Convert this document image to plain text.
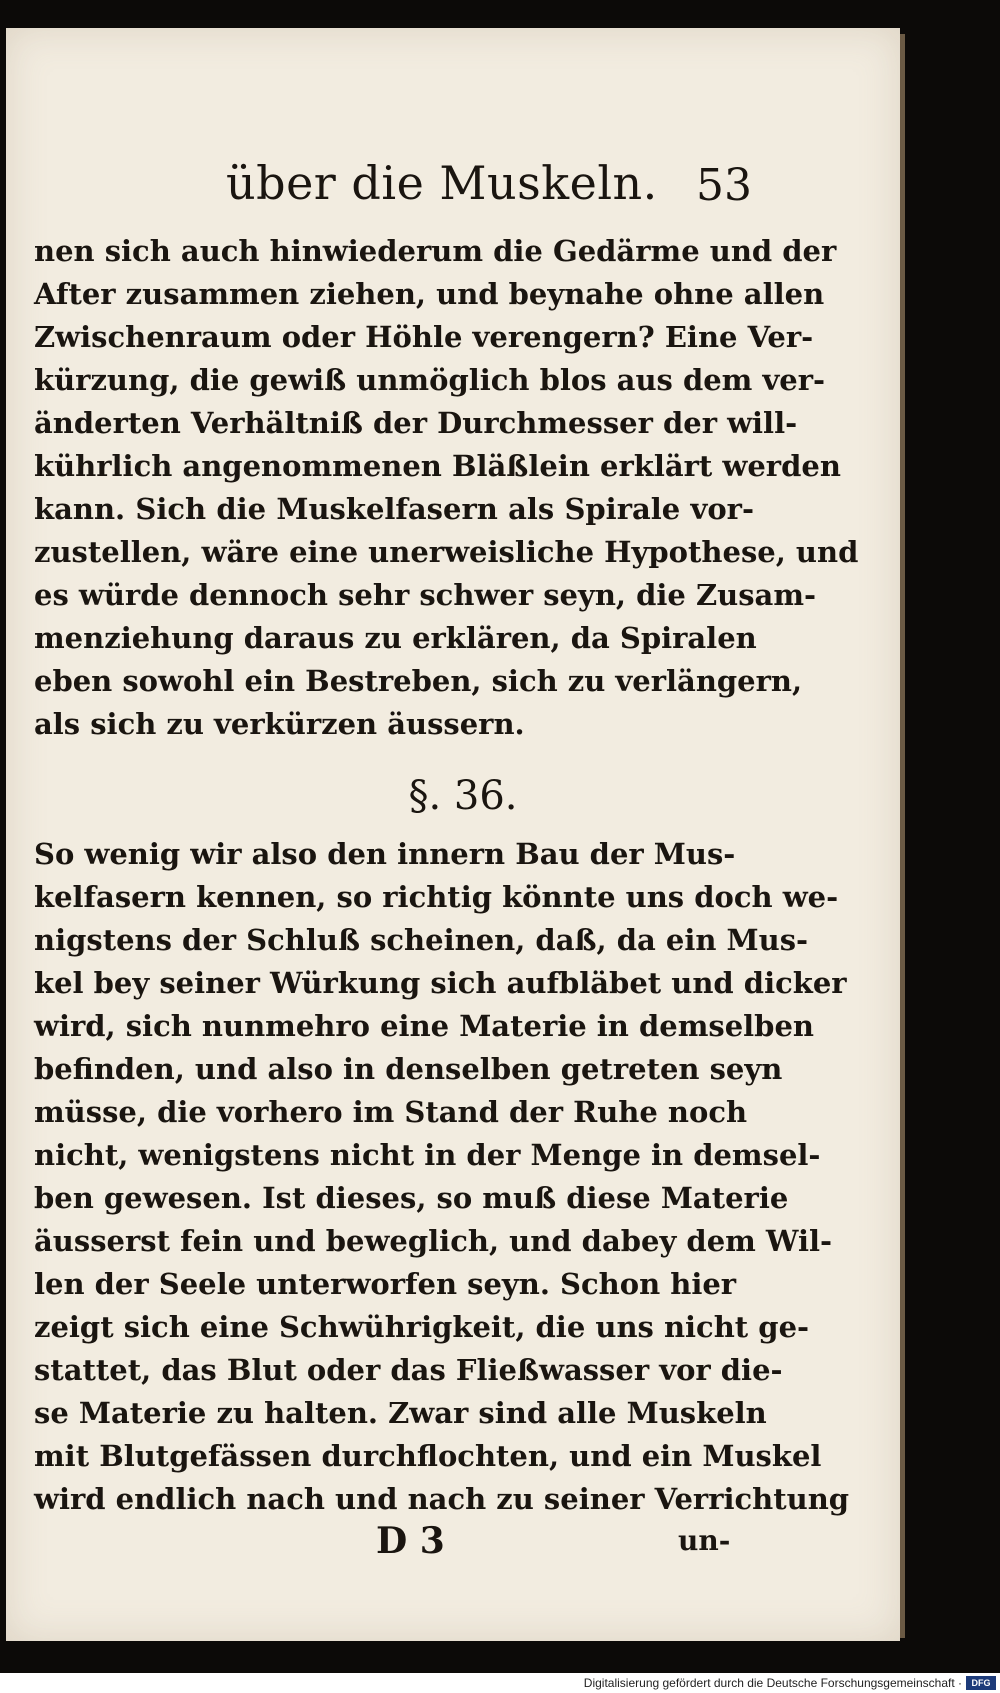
über die Muskeln. 53
nen sich auch hinwiederum die Gedärme und der
After zusammen ziehen, und beynahe ohne allen
Zwischenraum oder Höhle verengern? Eine Ver-
kürzung, die gewiß unmöglich blos aus dem ver-
änderten Verhältniß der Durchmesser der will-
kührlich angenommenen Bläßlein erklärt werden
kann. Sich die Muskelfasern als Spirale vor-
zustellen, wäre eine unerweisliche Hypothese, und
es würde dennoch sehr schwer seyn, die Zusam-
menziehung daraus zu erklären, da Spiralen
eben sowohl ein Bestreben, sich zu verlängern,
als sich zu verkürzen äussern.
§. 36.
So wenig wir also den innern Bau der Mus-
kelfasern kennen, so richtig könnte uns doch we-
nigstens der Schluß scheinen, daß, da ein Mus-
kel bey seiner Würkung sich aufbläbet und dicker
wird, sich nunmehro eine Materie in demselben
befinden, und also in denselben getreten seyn
müsse, die vorhero im Stand der Ruhe noch
nicht, wenigstens nicht in der Menge in demsel-
ben gewesen. Ist dieses, so muß diese Materie
äusserst fein und beweglich, und dabey dem Wil-
len der Seele unterworfen seyn. Schon hier
zeigt sich eine Schwührigkeit, die uns nicht ge-
stattet, das Blut oder das Fließwasser vor die-
se Materie zu halten. Zwar sind alle Muskeln
mit Blutgefässen durchflochten, und ein Muskel
wird endlich nach und nach zu seiner Verrichtung
D 3	un-
Digitalisierung gefördert durch die Deutsche Forschungsgemeinschaft ·	DFG
